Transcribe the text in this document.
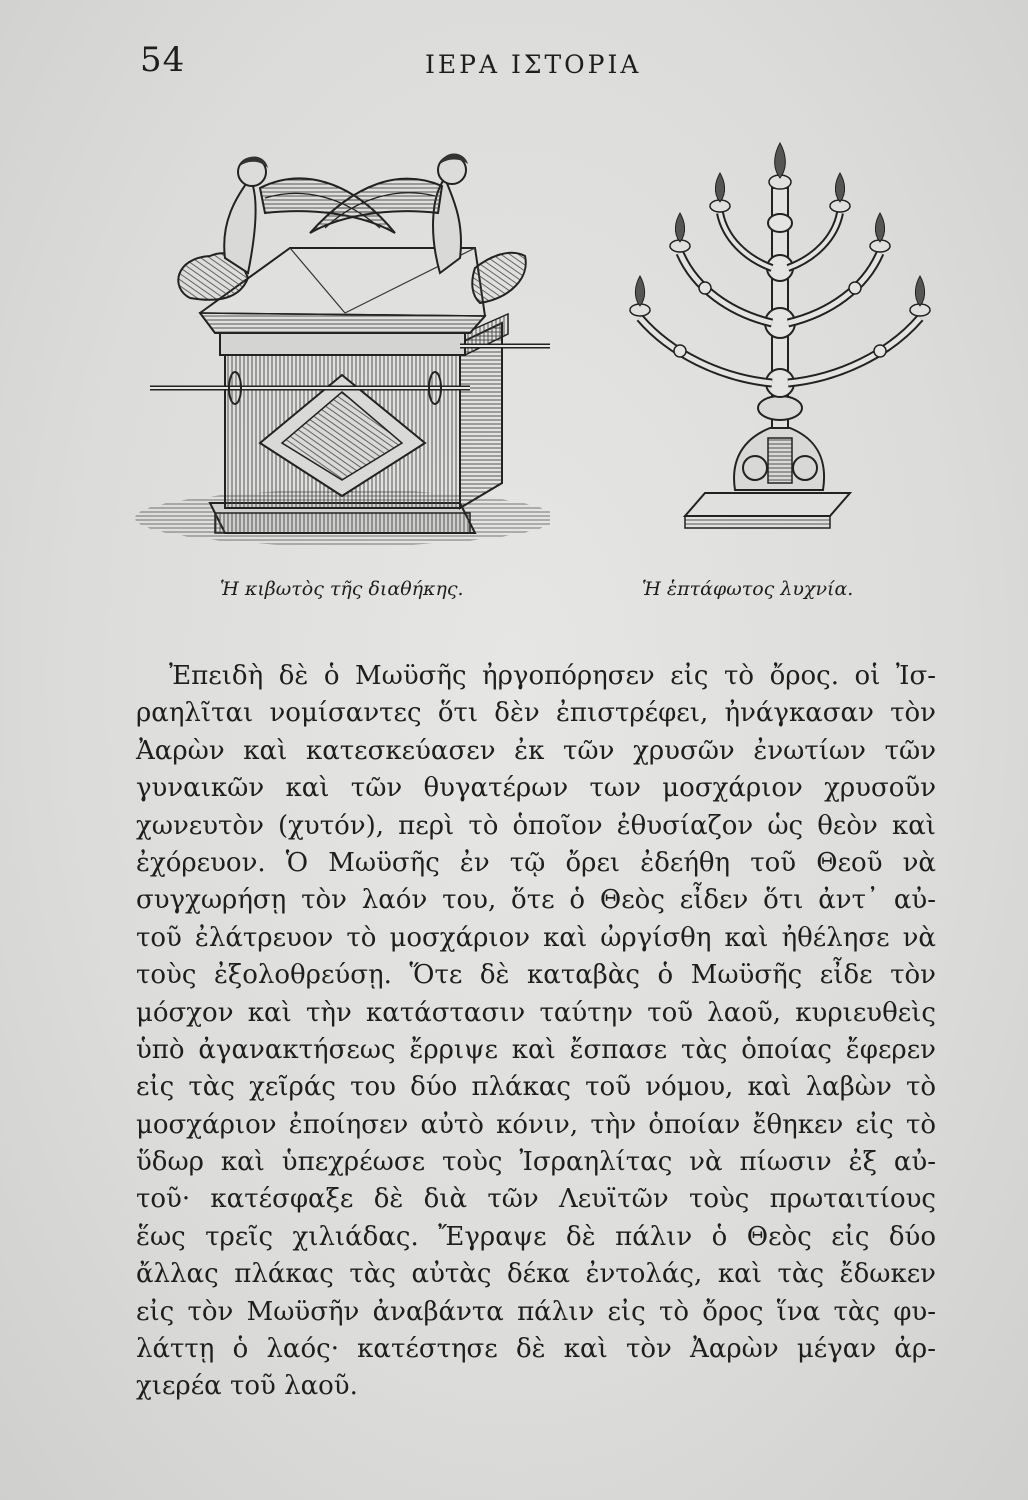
54	ΙΕΡΑ ΙΣΤΟΡΙΑ
Ἡ κιβωτὸς τῆς διαθήκης.	Ἡ ἑπτάφωτος λυχνία.
Ἐπειδὴ δὲ ὁ Μωϋσῆς ἠργοπόρησεν εἰς τὸ ὄρος. οἱ Ἰσ-
ραηλῖται νομίσαντες ὅτι δὲν ἐπιστρέφει, ἠνάγκασαν τὸν
Ἀαρὼν καὶ κατεσκεύασεν ἐκ τῶν χρυσῶν ἐνωτίων τῶν
γυναικῶν καὶ τῶν θυγατέρων των μοσχάριον χρυσοῦν
χωνευτὸν (χυτόν), περὶ τὸ ὁποῖον ἐθυσίαζον ὡς θεὸν καὶ
ἐχόρευον. Ὁ Μωϋσῆς ἐν τῷ ὄρει ἐδεήθη τοῦ Θεοῦ νὰ
συγχωρήσῃ τὸν λαόν του, ὅτε ὁ Θεὸς εἶδεν ὅτι ἀντ᾽ αὐ-
τοῦ ἐλάτρευον τὸ μοσχάριον καὶ ὠργίσθη καὶ ἠθέλησε νὰ
τοὺς ἐξολοθρεύσῃ. Ὅτε δὲ καταβὰς ὁ Μωϋσῆς εἶδε τὸν
μόσχον καὶ τὴν κατάστασιν ταύτην τοῦ λαοῦ, κυριευθεὶς
ὑπὸ ἀγανακτήσεως ἔρριψε καὶ ἔσπασε τὰς ὁποίας ἔφερεν
εἰς τὰς χεῖράς του δύο πλάκας τοῦ νόμου, καὶ λαβὼν τὸ
μοσχάριον ἐποίησεν αὐτὸ κόνιν, τὴν ὁποίαν ἔθηκεν εἰς τὸ
ὕδωρ καὶ ὑπεχρέωσε τοὺς Ἰσραηλίτας νὰ πίωσιν ἐξ αὐ-
τοῦ· κατέσφαξε δὲ διὰ τῶν Λευϊτῶν τοὺς πρωταιτίους
ἕως τρεῖς χιλιάδας. Ἔγραψε δὲ πάλιν ὁ Θεὸς εἰς δύο
ἄλλας πλάκας τὰς αὐτὰς δέκα ἐντολάς, καὶ τὰς ἔδωκεν
εἰς τὸν Μωϋσῆν ἀναβάντα πάλιν εἰς τὸ ὄρος ἵνα τὰς φυ-
λάττῃ ὁ λαός· κατέστησε δὲ καὶ τὸν Ἀαρὼν μέγαν ἀρ-
χιερέα τοῦ λαοῦ.
